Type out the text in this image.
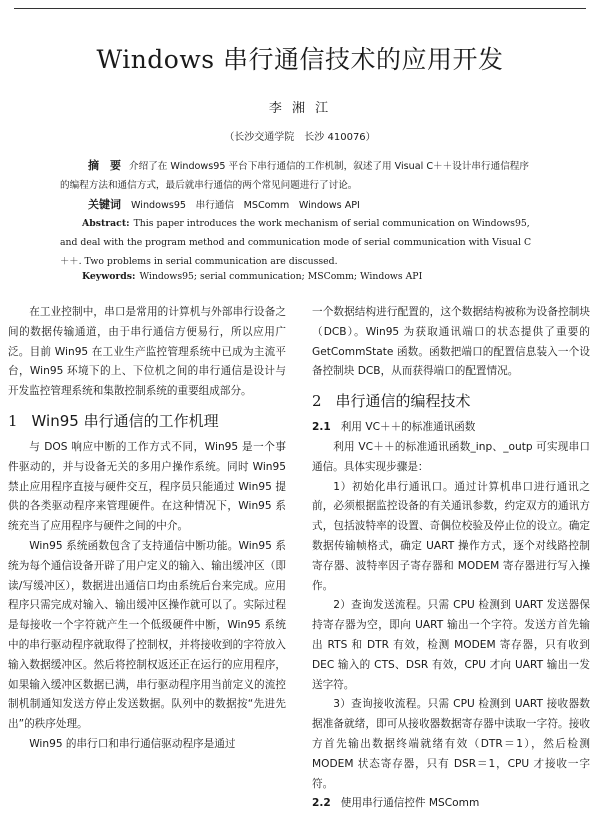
Windows 串行通信技术的应用开发
李 湘 江
（长沙交通学院　长沙 410076）
摘　要 介绍了在 Windows95 平台下串行通信的工作机制，叙述了用 Visual C＋＋设计串行通信程序的编程方法和通信方式，最后就串行通信的两个常见问题进行了讨论。
关键词 Windows95　串行通信　MSComm　Windows API
Abstract: This paper introduces the work mechanism of serial communication on Windows95, and deal with the program method and communication mode of serial communication with Visual C＋＋. Two problems in serial communication are discussed.
Keywords: Windows95; serial communication; MSComm; Windows API

在工业控制中，串口是常用的计算机与外部串行设备之间的数据传输通道，由于串行通信方便易行，所以应用广泛。目前 Win95 在工业生产监控管理系统中已成为主流平台，Win95 环境下的上、下位机之间的串行通信是设计与开发监控管理系统和集散控制系统的重要组成部分。

1 Win95 串行通信的工作机理

与 DOS 响应中断的工作方式不同，Win95 是一个事件驱动的，并与设备无关的多用户操作系统。同时 Win95 禁止应用程序直接与硬件交互，程序员只能通过 Win95 提供的各类驱动程序来管理硬件。在这种情况下，Win95 系统充当了应用程序与硬件之间的中介。

Win95 系统函数包含了支持通信中断功能。Win95 系统为每个通信设备开辟了用户定义的输入、输出缓冲区（即读/写缓冲区），数据进出通信口均由系统后台来完成。应用程序只需完成对输入、输出缓冲区操作就可以了。实际过程是每接收一个字符就产生一个低级硬件中断，Win95 系统中的串行驱动程序就取得了控制权，并将接收到的字符放入输入数据缓冲区。然后将控制权返还正在运行的应用程序，如果输入缓冲区数据已满，串行驱动程序用当前定义的流控制机制通知发送方停止发送数据。队列中的数据按“先进先出”的秩序处理。

Win95 的串行口和串行通信驱动程序是通过

一个数据结构进行配置的，这个数据结构被称为设备控制块（DCB）。Win95 为获取通讯端口的状态提供了重要的 GetCommState 函数。函数把端口的配置信息装入一个设备控制块 DCB，从而获得端口的配置情况。

2 串行通信的编程技术
2.1 利用 VC＋＋的标准通讯函数

利用 VC＋＋的标准通讯函数_inp、_outp 可实现串口通信。具体实现步骤是：

1）初始化串行通讯口。通过计算机串口进行通讯之前，必须根据监控设备的有关通讯参数，约定双方的通讯方式，包括波特率的设置、奇偶位校验及停止位的设立。确定数据传输帧格式，确定 UART 操作方式，逐个对线路控制寄存器、波特率因子寄存器和 MODEM 寄存器进行写入操作。

2）查询发送流程。只需 CPU 检测到 UART 发送器保持寄存器为空，即向 UART 输出一个字符。发送方首先输出 RTS 和 DTR 有效，检测 MODEM 寄存器，只有收到 DEC 输入的 CTS、DSR 有效，CPU 才向 UART 输出一发送字符。

3）查询接收流程。只需 CPU 检测到 UART 接收器数据准备就绪，即可从接收器数据寄存器中读取一字符。接收方首先输出数据终端就绪有效（DTR＝1），然后检测 MODEM 状态寄存器，只有 DSR＝1，CPU 才接收一字符。

2.2 使用串行通信控件 MSComm
